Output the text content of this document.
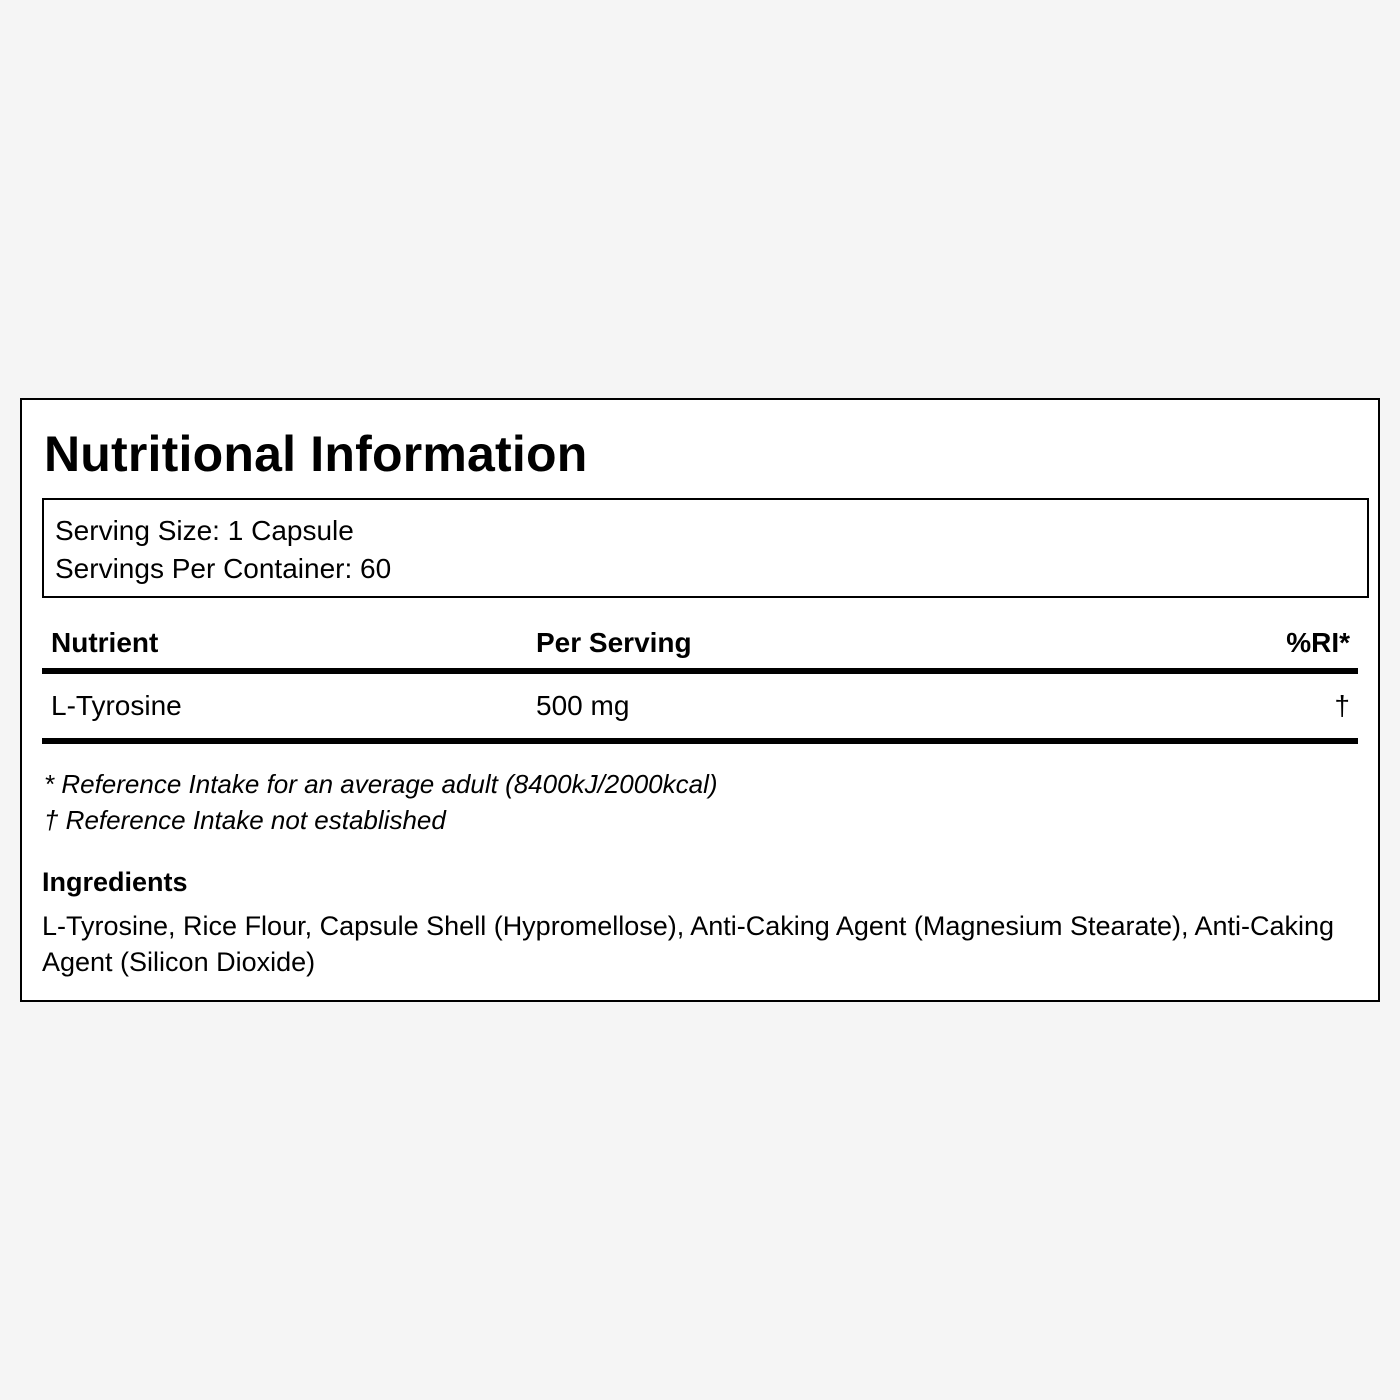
Nutritional Information
Serving Size: 1 Capsule
Servings Per Container: 60
Nutrient	Per Serving	%RI*
L-Tyrosine	500 mg	†
* Reference Intake for an average adult (8400kJ/2000kcal)
† Reference Intake not established
Ingredients
L-Tyrosine, Rice Flour, Capsule Shell (Hypromellose), Anti-Caking Agent (Magnesium Stearate), Anti-Caking Agent (Silicon Dioxide)
